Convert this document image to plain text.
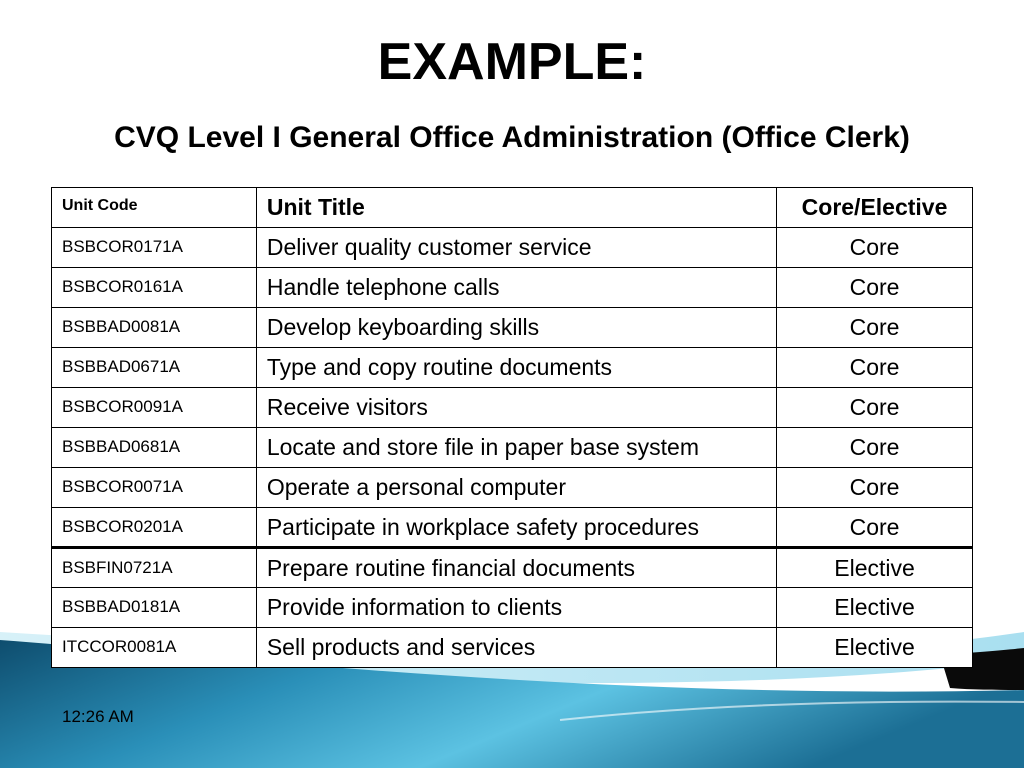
EXAMPLE:
CVQ Level I General Office Administration (Office Clerk)
Unit Code	Unit Title	Core/Elective
BSBCOR0171A	Deliver quality customer service	Core
BSBCOR0161A	Handle telephone calls	Core
BSBBAD0081A	Develop keyboarding skills	Core
BSBBAD0671A	Type and copy routine documents	Core
BSBCOR0091A	Receive visitors	Core
BSBBAD0681A	Locate and store file in paper base system	Core
BSBCOR0071A	Operate a personal computer	Core
BSBCOR0201A	Participate in workplace safety procedures	Core
BSBFIN0721A	Prepare routine financial documents	Elective
BSBBAD0181A	Provide information to clients	Elective
ITCCOR0081A	Sell products and services	Elective
12:26 AM
